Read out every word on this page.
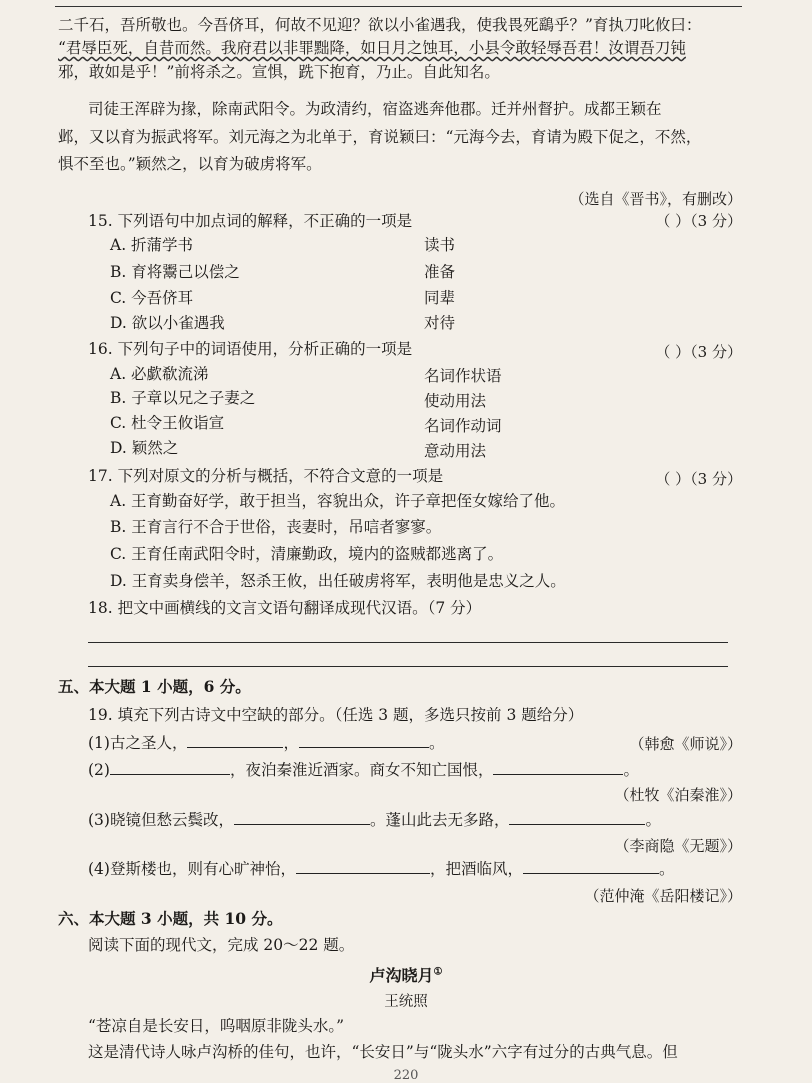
二千石，吾所敬也。今吾侪耳，何故不见迎？欲以小雀遇我，使我畏死鷂乎？”育执刀叱攸曰：
“君辱臣死，自昔而然。我府君以非罪黜降，如日月之蚀耳，小县令敢轻辱吾君！汝谓吾刀钝
邪，敢如是乎！”前将杀之。宣惧，跣下抱育，乃止。自此知名。
司徒王浑辟为掾，除南武阳令。为政清约，宿盗逃奔他郡。迁并州督护。成都王颖在
邺，又以育为振武将军。刘元海之为北单于，育说颖曰：“元海今去，育请为殿下促之，不然，
惧不至也。”颖然之，以育为破虏将军。
（选自《晋书》，有删改）
15. 下列语句中加点词的解释，不正确的一项是	（ ）（3 分）
A. 折蒲学书	读书
B. 育将鬻己以偿之	准备
C. 今吾侪耳	同辈
D. 欲以小雀遇我	对待
16. 下列句子中的词语使用，分析正确的一项是	（ ）（3 分）
A. 必歔欷流涕	名词作状语
B. 子章以兄之子妻之	使动用法
C. 杜令王攸诣宣	名词作动词
D. 颖然之	意动用法
17. 下列对原文的分析与概括，不符合文意的一项是	（ ）（3 分）
A. 王育勤奋好学，敢于担当，容貌出众，许子章把侄女嫁给了他。
B. 王育言行不合于世俗，丧妻时，吊唁者寥寥。
C. 王育任南武阳令时，清廉勤政，境内的盗贼都逃离了。
D. 王育卖身偿羊，怒杀王攸，出任破虏将军，表明他是忠义之人。
18. 把文中画横线的文言文语句翻译成现代汉语。（7 分）
五、本大题 1 小题，6 分。
19. 填充下列古诗文中空缺的部分。（任选 3 题，多选只按前 3 题给分）
(1)古之圣人，	，	。	（韩愈《师说》）
(2)	，夜泊秦淮近酒家。商女不知亡国恨，	。
（杜牧《泊秦淮》）
(3)晓镜但愁云鬓改，	。蓬山此去无多路，	。
（李商隐《无题》）
(4)登斯楼也，则有心旷神怡，	，把酒临风，	。
（范仲淹《岳阳楼记》）
六、本大题 3 小题，共 10 分。
阅读下面的现代文，完成 20～22 题。
卢沟晓月①
王统照
“苍凉自是长安日，呜咽原非陇头水。”
这是清代诗人咏卢沟桥的佳句，也许，“长安日”与“陇头水”六字有过分的古典气息。但
220
